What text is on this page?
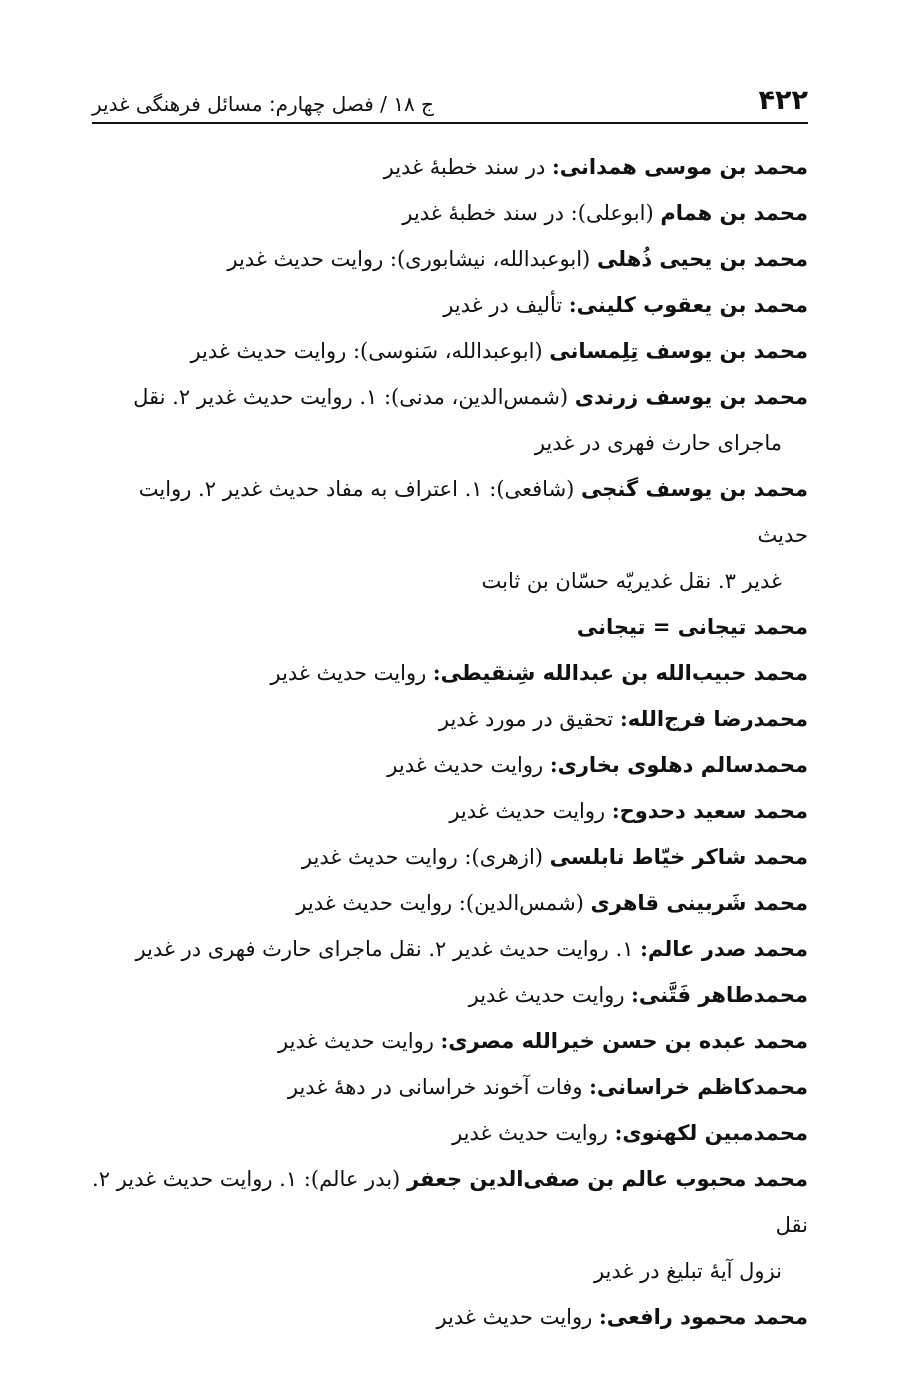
۴۲۲
ج ۱۸ / فصل چهارم: مسائل فرهنگی غدیر

محمد بن موسی همدانی: در سند خطبهٔ غدیر

محمد بن همام (ابوعلی): در سند خطبهٔ غدیر

محمد بن یحیی ذُهلی (ابوعبدالله، نیشابوری): روایت حدیث غدیر

محمد بن یعقوب کلینی: تألیف در غدیر

محمد بن یوسف تِلِمسانی (ابوعبدالله، سَنوسی): روایت حدیث غدیر

محمد بن یوسف زرندی (شمس‌الدین، مدنی): ۱. روایت حدیث غدیر ۲. نقل
ماجرای حارث فهری در غدیر

محمد بن یوسف گنجی (شافعی): ۱. اعتراف به مفاد حدیث غدیر ۲. روایت حدیث
غدیر ۳. نقل غدیریّه حسّان بن ثابت

محمد تیجانی = تیجانی

محمد حبیب‌الله بن عبدالله شِنقیطی: روایت حدیث غدیر

محمدرضا فرج‌الله: تحقیق در مورد غدیر

محمدسالم دهلوی بخاری: روایت حدیث غدیر

محمد سعید دحدوح: روایت حدیث غدیر

محمد شاکر خیّاط نابلسی (ازهری): روایت حدیث غدیر

محمد شَربینی قاهری (شمس‌الدین): روایت حدیث غدیر

محمد صدر عالم: ۱. روایت حدیث غدیر ۲. نقل ماجرای حارث فهری در غدیر

محمدطاهر فَتَّنی: روایت حدیث غدیر

محمد عبده بن حسن خیرالله مصری: روایت حدیث غدیر

محمدکاظم خراسانی: وفات آخوند خراسانی در دههٔ غدیر

محمدمبین لکهنوی: روایت حدیث غدیر

محمد محبوب عالم بن صفی‌الدین جعفر (بدر عالم): ۱. روایت حدیث غدیر ۲. نقل
نزول آیهٔ تبلیغ در غدیر

محمد محمود رافعی: روایت حدیث غدیر
